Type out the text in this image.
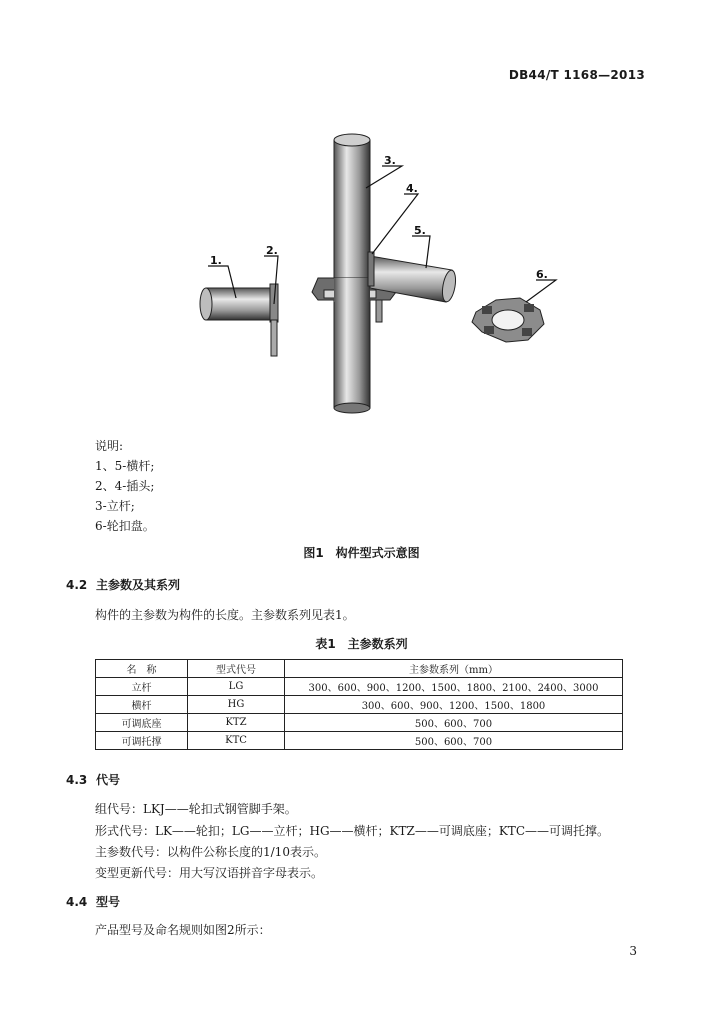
DB44/T 1168—2013
1.
2.
3.
4.
5.
6.
说明:
1、5-横杆;
2、4-插头;
3-立杆;
6-轮扣盘。
图1　构件型式示意图
4.2 主参数及其系列
构件的主参数为构件的长度。主参数系列见表1。
表1　主参数系列
名　称	型式代号	主参数系列（mm）
立杆	LG	300、600、900、1200、1500、1800、2100、2400、3000
横杆	HG	300、600、900、1200、1500、1800
可调底座	KTZ	500、600、700
可调托撑	KTC	500、600、700
4.3 代号
组代号：LKJ——轮扣式钢管脚手架。
形式代号：LK——轮扣；LG——立杆；HG——横杆；KTZ——可调底座；KTC——可调托撑。
主参数代号：以构件公称长度的1/10表示。
变型更新代号：用大写汉语拼音字母表示。
4.4 型号
产品型号及命名规则如图2所示：
3
